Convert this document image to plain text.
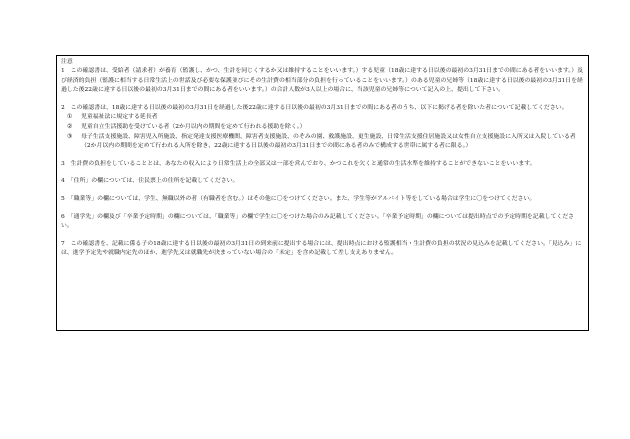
注意

1　この確認書は、受給者（請求者）が養育（監護し、かつ、生計を同じくするか又は維持することをいいます。）する児童（18歳に達する日以後の最初の3月31日までの間にある者をいいます。）及び経済的負担（監護に相当する日常生活上の世話及び必要な保護並びにその生計費の相当部分の負担を行っていることをいいます。）のある児童の兄姉等（18歳に達する日以後の最初の3月31日を経過した後22歳に達する日以後の最初の3月31日までの間にある者をいいます。）の合計人数が3人以上の場合に、当該児童の兄姉等について記入の上、提出して下さい。

2　この確認書は、18歳に達する日以後の最初の3月31日を経過した後22歳に達する日以後の最初の3月31日までの間にある者のうち、以下に掲げる者を除いた者について記載してください。

①	児童福祉法に規定する延長者
②	児童自立生活援助を受けている者（2か月以内の期間を定めて行われる援助を除く。）
③	母子生活支援施設、障害児入所施設、指定発達支援医療機関、障害者支援施設、のぞみの園、救護施設、更生施設、日常生活支援住居施設又は女性自立支援施設に入所又は入院している者（2か月以内の期間を定めて行われる入所を除き、22歳に達する日以後の最初の3月31日までの間にある者のみで構成する世帯に属する者に限る。）

3　生計費の負担をしていることとは、あなたの収入により日常生活上の全部又は一部を営んでおり、かつこれを欠くと通常の生活水準を維持することができないことをいいます。

4　「住所」の欄については、住民票上の住所を記載してください。

5　「職業等」の欄については、学生、無職以外の者（有職者を含む。）はその他に〇をつけてください。また、学生等がアルバイト等をしている場合は学生に〇をつけてください。

6　「通学先」の欄及び「卒業予定時期」の欄については、「職業等」の欄で学生に〇をつけた場合のみ記載してください。「卒業予定時期」の欄については提出時点での予定時期を記載してください。

7　この確認書を、記載に係る子の18歳に達する日以後の最初の3月31日の到来前に提出する場合には、提出時点における監護相当・生計費の負担の状況の見込みを記載してください。「見込み」には、進学予定先や就職内定先のほか、進学先又は就職先が決まっていない場合の「未定」を含め記載して差し支えありません。
